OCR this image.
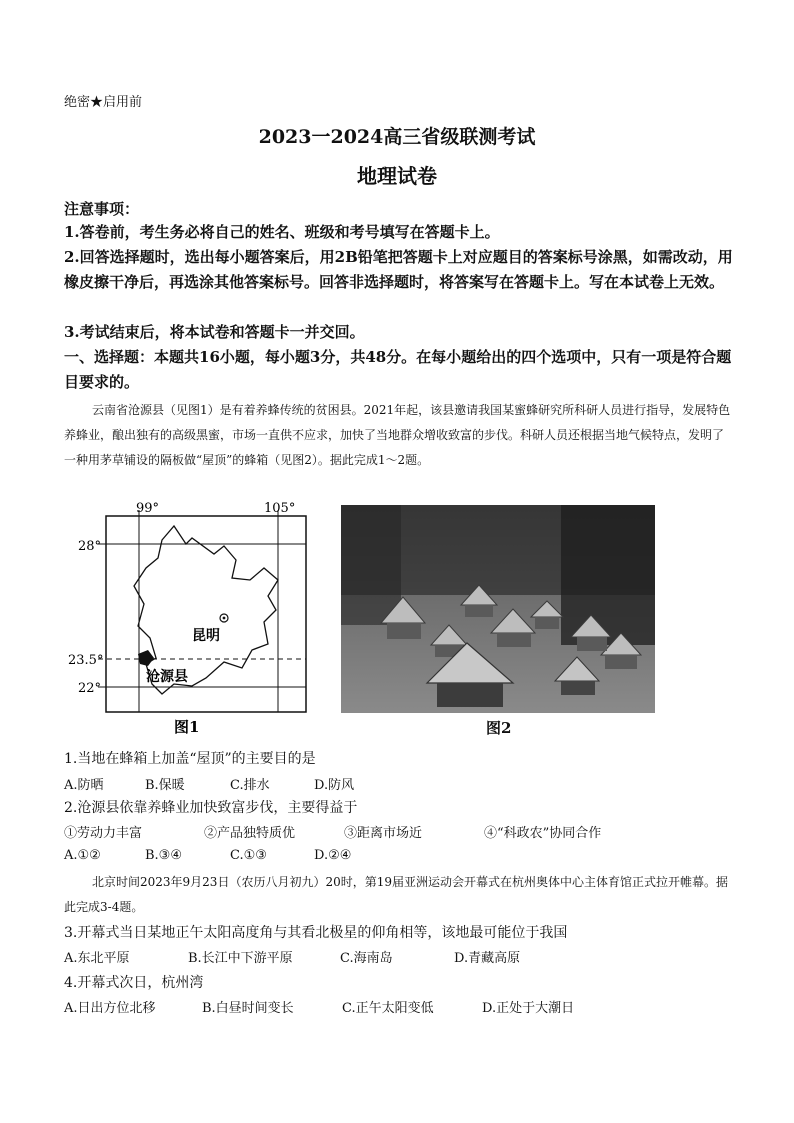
绝密★启用前
2023一2024高三省级联测考试
地理试卷
注意事项：
1.答卷前，考生务必将自己的姓名、班级和考号填写在答题卡上。
2.回答选择题时，选出每小题答案后，用2B铅笔把答题卡上对应题目的答案标号涂黑，如需改动，用橡皮擦干净后，再选涂其他答案标号。回答非选择题时，将答案写在答题卡上。写在本试卷上无效。
3.考试结束后，将本试卷和答题卡一并交回。
一、选择题：本题共16小题，每小题3分，共48分。在每小题给出的四个选项中，只有一项是符合题目要求的。
云南省沧源县（见图1）是有着养蜂传统的贫困县。2021年起，该县邀请我国某蜜蜂研究所科研人员进行指导，发展特色养蜂业，酿出独有的高级黑蜜，市场一直供不应求，加快了当地群众增收致富的步伐。科研人员还根据当地气候特点，发明了一种用茅草铺设的隔板做“屋顶”的蜂箱（见图2）。据此完成1～2题。
99°	105°
28°
23.5°
22°
昆明
沧源县
图1	图2
1.当地在蜂箱上加盖“屋顶”的主要目的是
A.防晒	B.保暖	C.排水	D.防风
2.沧源县依靠养蜂业加快致富步伐，主要得益于
①劳动力丰富	②产品独特质优	③距离市场近	④“科政农”协同合作
A.①②	B.③④	C.①③	D.②④
北京时间2023年9月23日（农历八月初九）20时，第19届亚洲运动会开幕式在杭州奥体中心主体育馆正式拉开帷幕。据此完成3-4题。
3.开幕式当日某地正午太阳高度角与其看北极星的仰角相等，该地最可能位于我国
A.东北平原	B.长江中下游平原	C.海南岛	D.青藏高原
4.开幕式次日，杭州湾
A.日出方位北移	B.白昼时间变长	C.正午太阳变低	D.正处于大潮日
